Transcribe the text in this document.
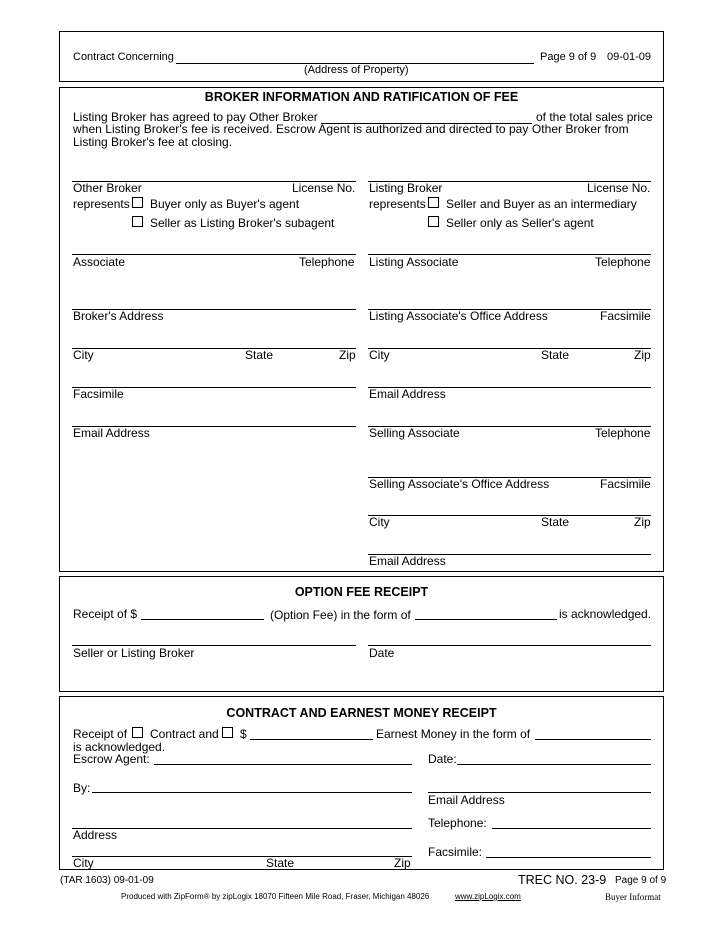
Contract Concerning
(Address of Property)
Page 9 of 9 09-01-09
BROKER INFORMATION AND RATIFICATION OF FEE
Listing Broker has agreed to pay Other Broker	of the total sales price
when Listing Broker's fee is received. Escrow Agent is authorized and directed to pay Other Broker from
Listing Broker's fee at closing.
Other Broker	License No.
represents Buyer only as Buyer's agent
Seller as Listing Broker's subagent
Associate	Telephone
Broker's Address
City	State	Zip
Facsimile
Email Address
Listing Broker	License No.
represents Seller and Buyer as an intermediary
Seller only as Seller's agent
Listing Associate	Telephone
Listing Associate's Office Address	Facsimile
City	State	Zip
Email Address
Selling Associate	Telephone
Selling Associate's Office Address	Facsimile
City	State	Zip
Email Address
OPTION FEE RECEIPT
Receipt of $	(Option Fee) in the form of	is acknowledged.
Seller or Listing Broker	Date
CONTRACT AND EARNEST MONEY RECEIPT
Receipt of Contract and $	Earnest Money in the form of
is acknowledged.
Escrow Agent:	Date:
By:
Email Address
Telephone:
Address
Facsimile:
City	State	Zip
(TAR 1603) 09-01-09	TREC NO. 23-9 Page 9 of 9
Produced with ZipForm® by zipLogix 18070 Fifteen Mile Road, Fraser, Michigan 48026	www.zipLogix.com	Buyer Informat
